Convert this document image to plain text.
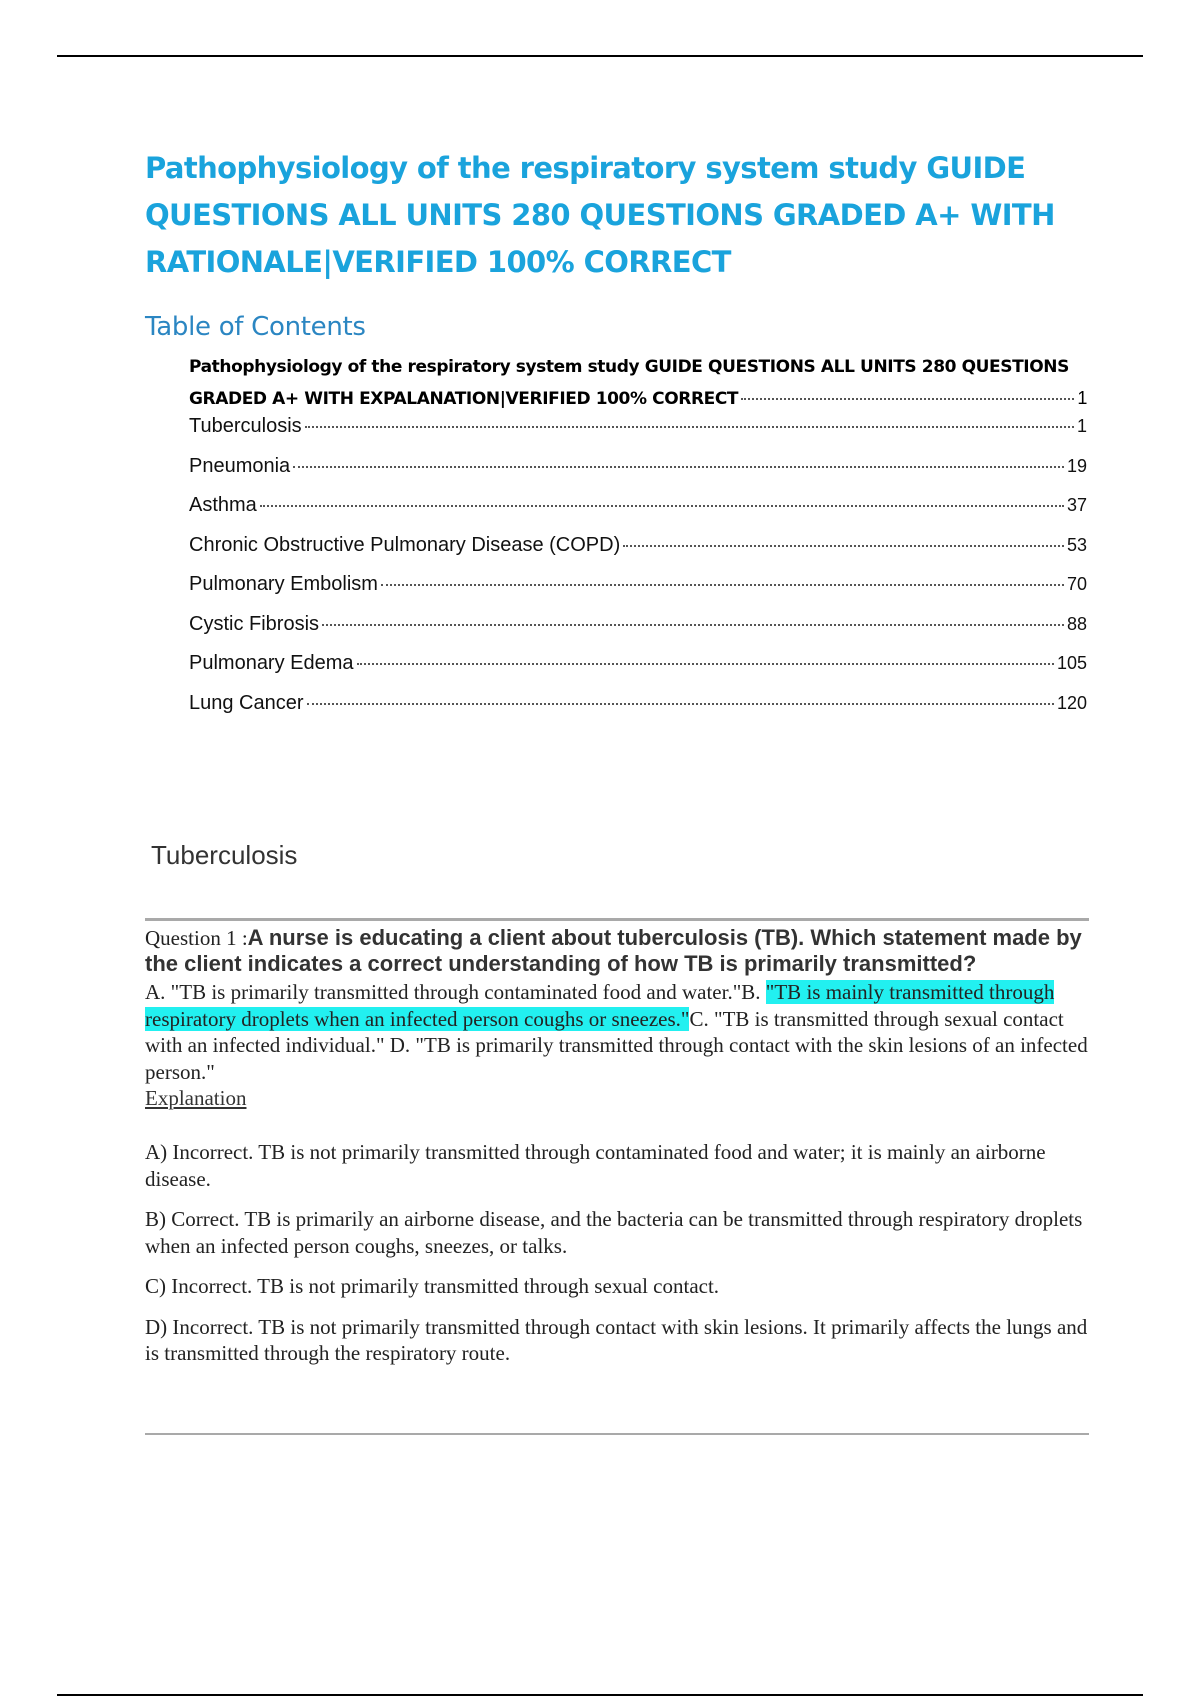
Pathophysiology of the respiratory system study GUIDE QUESTIONS ALL UNITS 280 QUESTIONS GRADED A+ WITH RATIONALE|VERIFIED 100% CORRECT
Table of Contents
Pathophysiology of the respiratory system study GUIDE QUESTIONS ALL UNITS 280 QUESTIONS
GRADED A+ WITH EXPALANATION|VERIFIED 100% CORRECT	1
Tuberculosis	1
Pneumonia	19
Asthma	37
Chronic Obstructive Pulmonary Disease (COPD)	53
Pulmonary Embolism	70
Cystic Fibrosis	88
Pulmonary Edema	105
Lung Cancer	120
Tuberculosis

Question 1 :A nurse is educating a client about tuberculosis (TB). Which statement made by the client indicates a correct understanding of how TB is primarily transmitted?

A. "TB is primarily transmitted through contaminated food and water."B. "TB is mainly transmitted through respiratory droplets when an infected person coughs or sneezes."C. "TB is transmitted through sexual contact with an infected individual." D. "TB is primarily transmitted through contact with the skin lesions of an infected person."

Explanation

A) Incorrect. TB is not primarily transmitted through contaminated food and water; it is mainly an airborne disease.

B) Correct. TB is primarily an airborne disease, and the bacteria can be transmitted through respiratory droplets when an infected person coughs, sneezes, or talks.

C) Incorrect. TB is not primarily transmitted through sexual contact.

D) Incorrect. TB is not primarily transmitted through contact with skin lesions. It primarily affects the lungs and is transmitted through the respiratory route.
